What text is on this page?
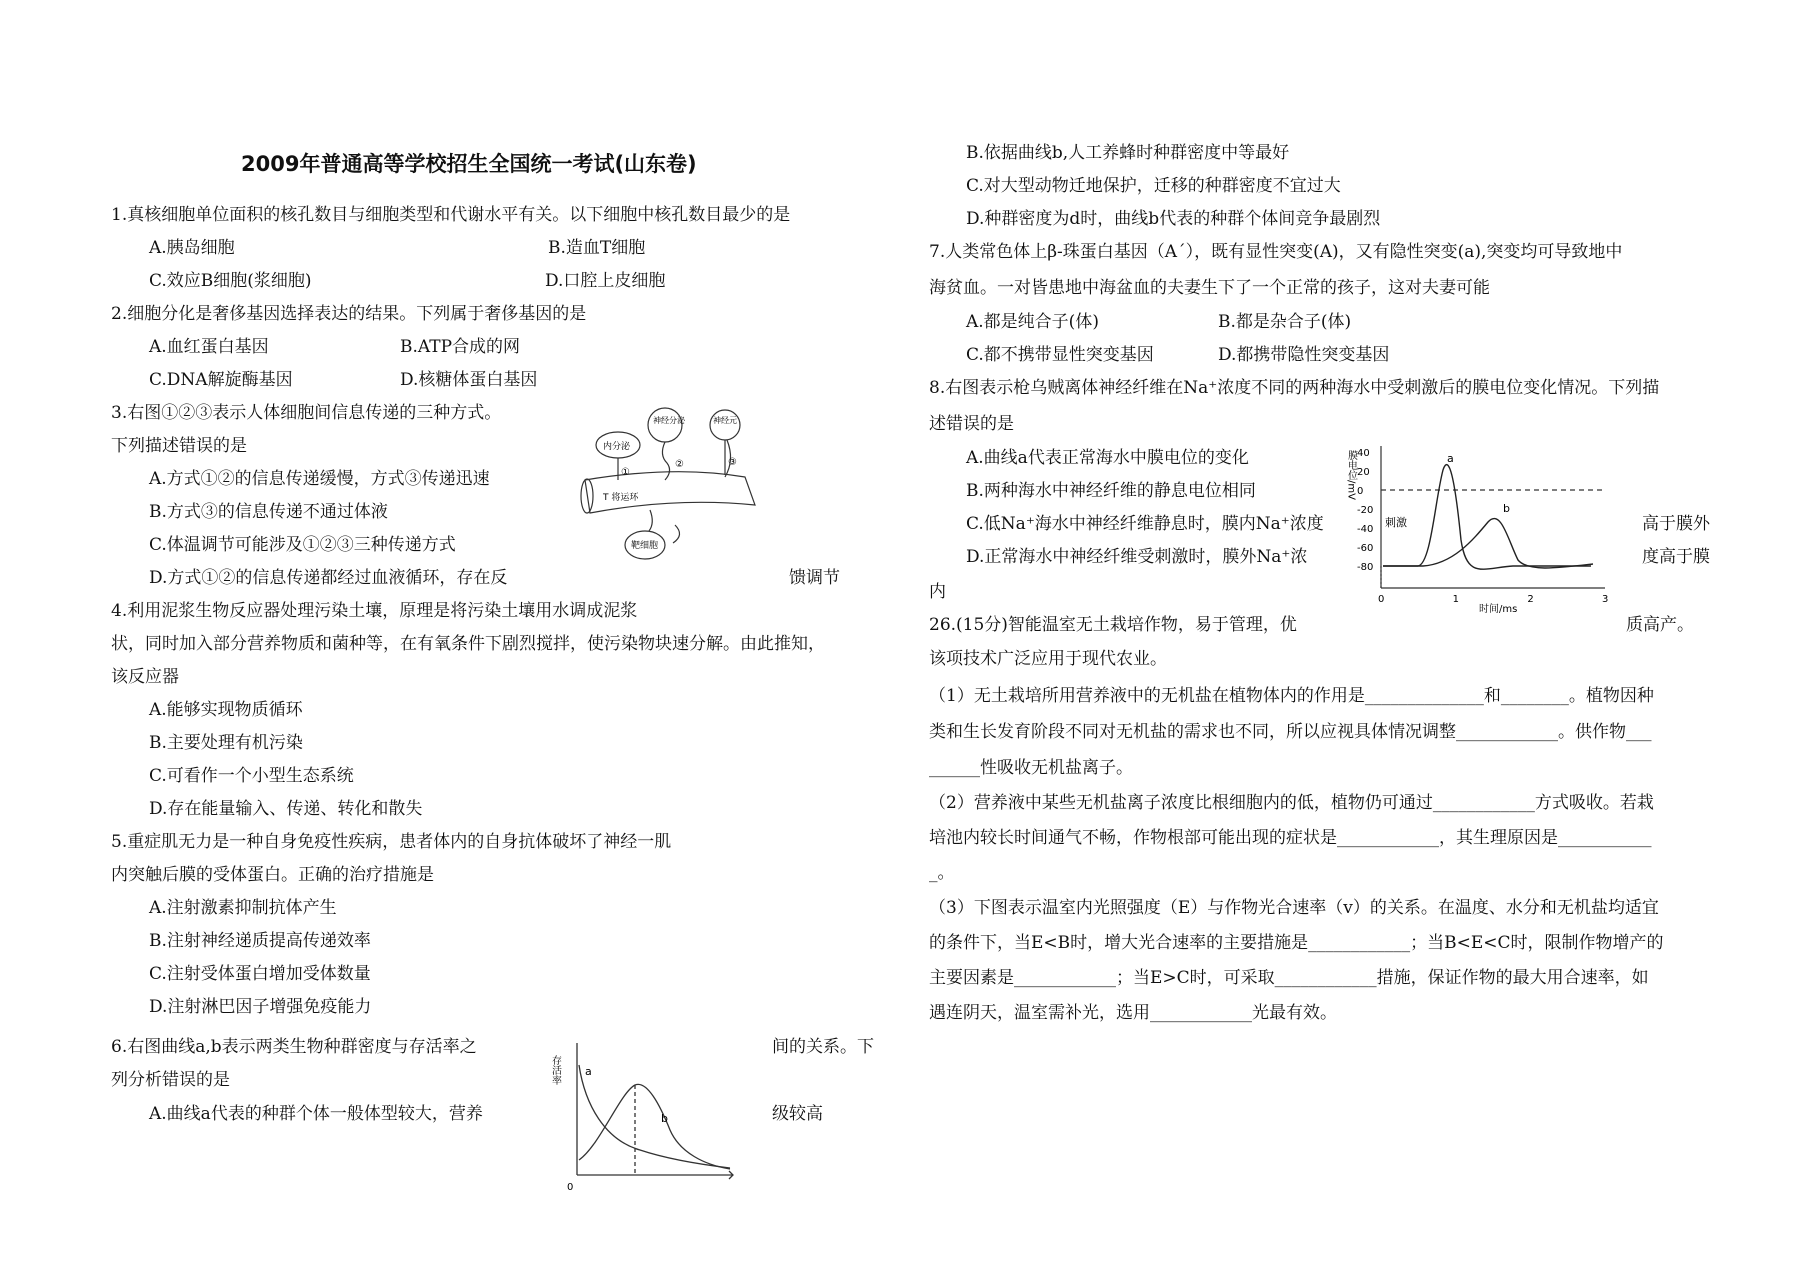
2009年普通高等学校招生全国统一考试(山东卷)
1.真核细胞单位面积的核孔数目与细胞类型和代谢水平有关。以下细胞中核孔数目最少的是
A.胰岛细胞	B.造血T细胞
C.效应B细胞(浆细胞)	D.口腔上皮细胞
2.细胞分化是奢侈基因选择表达的结果。下列属于奢侈基因的是
A.血红蛋白基因	B.ATP合成的网
C.DNA解旋酶基因	D.核糖体蛋白基因
3.右图①②③表示人体细胞间信息传递的三种方式。
下列描述错误的是
A.方式①②的信息传递缓慢，方式③传递迅速
B.方式③的信息传递不通过体液
C.体温调节可能涉及①②③三种传递方式
D.方式①②的信息传递都经过血液循环，存在反	馈调节
4.利用泥浆生物反应器处理污染土壤，原理是将污染土壤用水调成泥浆
状，同时加入部分营养物质和菌种等，在有氧条件下剧烈搅拌，使污染物块速分解。由此推知，
该反应器
A.能够实现物质循环
B.主要处理有机污染
C.可看作一个小型生态系统
D.存在能量输入、传递、转化和散失
5.重症肌无力是一种自身免疫性疾病，患者体内的自身抗体破坏了神经一肌
内突触后膜的受体蛋白。正确的治疗措施是
A.注射激素抑制抗体产生
B.注射神经递质提高传递效率
C.注射受体蛋白增加受体数量
D.注射淋巴因子增强免疫能力
6.右图曲线a,b表示两类生物种群密度与存活率之	间的关系。下
列分析错误的是
A.曲线a代表的种群个体一般体型较大，营养	级较高
B.依据曲线b,人工养蜂时种群密度中等最好
C.对大型动物迁地保护，迁移的种群密度不宜过大
D.种群密度为d时，曲线b代表的种群个体间竞争最剧烈
7.人类常色体上β-珠蛋白基因（A´），既有显性突变(A)，又有隐性突变(a),突变均可导致地中
海贫血。一对皆患地中海盆血的夫妻生下了一个正常的孩子，这对夫妻可能
A.都是纯合子(体)	B.都是杂合子(体)
C.都不携带显性突变基因	D.都携带隐性突变基因
8.右图表示枪乌贼离体神经纤维在Na⁺浓度不同的两种海水中受刺激后的膜电位变化情况。下列描
述错误的是
A.曲线a代表正常海水中膜电位的变化
B.两种海水中神经纤维的静息电位相同
C.低Na⁺海水中神经纤维静息时，膜内Na⁺浓度	高于膜外
D.正常海水中神经纤维受刺激时，膜外Na⁺浓	度高于膜
内
26.(15分)智能温室无土栽培作物，易于管理，优	质高产。
该项技术广泛应用于现代农业。
（1）无土栽培所用营养液中的无机盐在植物体内的作用是______________和________。植物因种
类和生长发育阶段不同对无机盐的需求也不同，所以应视具体情况调整____________。供作物___
______性吸收无机盐离子。
（2）营养液中某些无机盐离子浓度比根细胞内的低，植物仍可通过____________方式吸收。若栽
培池内较长时间通气不畅，作物根部可能出现的症状是____________，其生理原因是___________
_。
（3）下图表示温室内光照强度（E）与作物光合速率（v）的关系。在温度、水分和无机盐均适宜
的条件下，当E<B时，增大光合速率的主要措施是____________；当B<E<C时，限制作物增产的
主要因素是____________；当E>C时，可采取____________措施，保证作物的最大用合速率，如
遇连阴天，温室需补光，选用____________光最有效。
内分泌
神经分泌	神经元
①
②	③
T 将运环
靶细胞
存活率
0
a
b
40
20
0
-20
-40
-60
-80
0	1	2	3
膜电位/mV
时间/ms
刺激
a
b
